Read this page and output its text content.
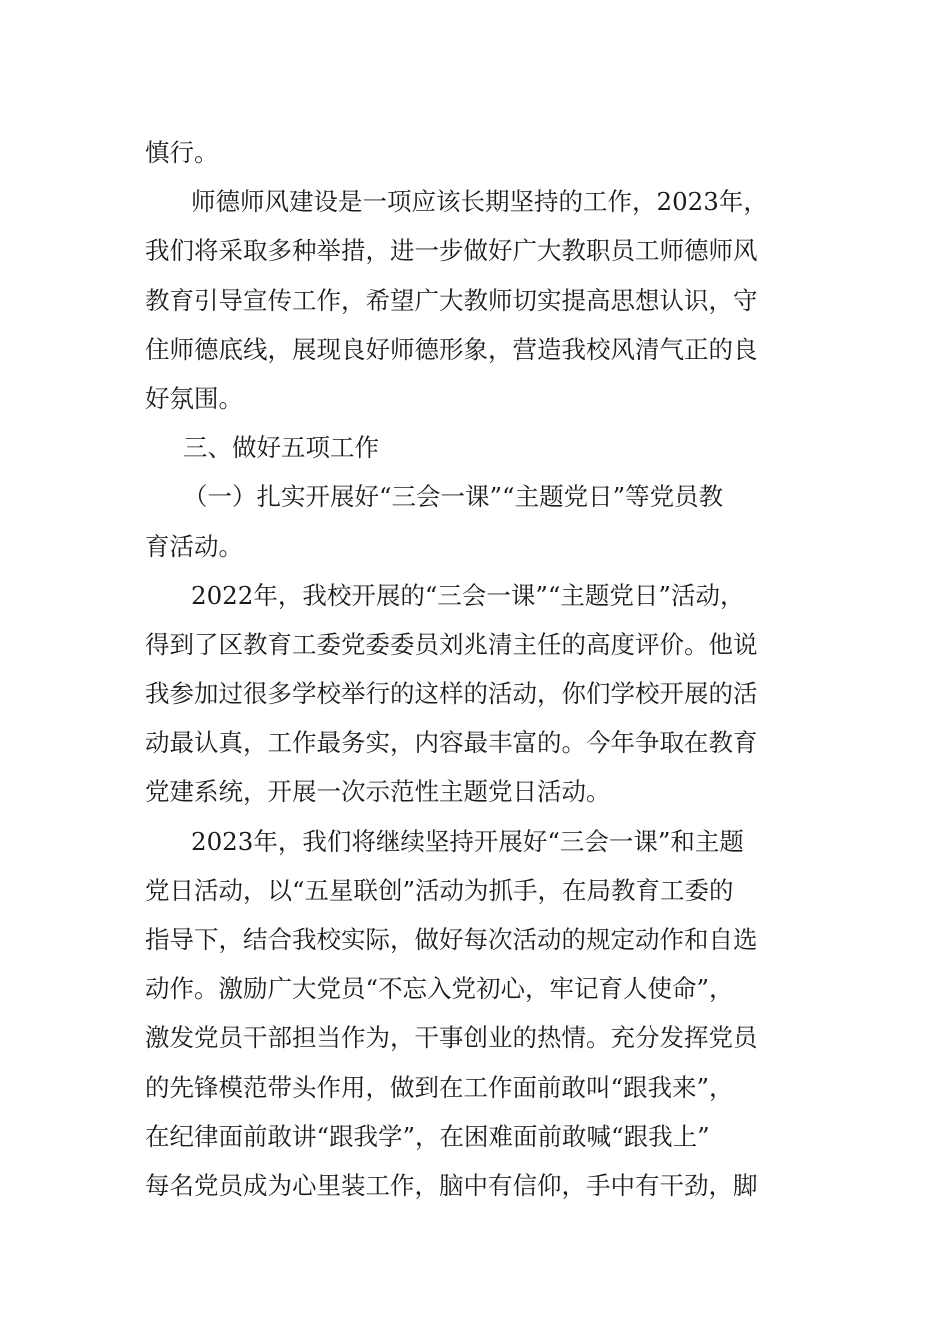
慎行。
师德师风建设是一项应该长期坚持的工作，2023年，
我们将采取多种举措，进一步做好广大教职员工师德师风
教育引导宣传工作，希望广大教师切实提高思想认识，守
住师德底线，展现良好师德形象，营造我校风清气正的良
好氛围。
三、做好五项工作
（一）扎实开展好“三会一课”“主题党日”等党员教
育活动。
2022年，我校开展的“三会一课”“主题党日”活动，
得到了区教育工委党委委员刘兆清主任的高度评价。他说
我参加过很多学校举行的这样的活动，你们学校开展的活
动最认真，工作最务实，内容最丰富的。今年争取在教育
党建系统，开展一次示范性主题党日活动。
2023年，我们将继续坚持开展好“三会一课”和主题
党日活动，以“五星联创”活动为抓手，在局教育工委的
指导下，结合我校实际，做好每次活动的规定动作和自选
动作。激励广大党员“不忘入党初心，牢记育人使命”，
激发党员干部担当作为，干事创业的热情。充分发挥党员
的先锋模范带头作用，做到在工作面前敢叫“跟我来”，
在纪律面前敢讲“跟我学”，在困难面前敢喊“跟我上”
每名党员成为心里装工作，脑中有信仰，手中有干劲，脚
